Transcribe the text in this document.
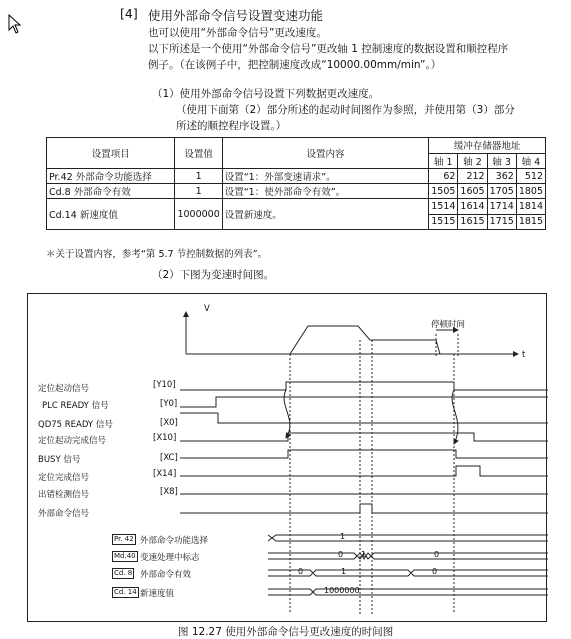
[4] 使用外部命令信号设置变速功能
也可以使用“外部命令信号”更改速度。
以下所述是一个使用“外部命令信号”更改轴 1 控制速度的数据设置和顺控程序
例子。（在该例子中，把控制速度改成“10000.00mm/min”。）
（1）使用外部命令信号设置下列数据更改速度。
（使用下面第（2）部分所述的起动时间图作为参照，并使用第（3）部分
所述的顺控程序设置。）
设置项目	设置值	设置内容	缓冲存储器地址			
			轴 1	轴 2	轴 3	轴 4
Pr.42 外部命令功能选择	1	设置“1：外部变速请求”。	62	212	362	512
Cd.8 外部命令有效	1	设置“1：使外部命令有效”。	1505	1605	1705	1805
Cd.14 新速度值	1000000	设置新速度。	1514	1614	1714	1814
			1515	1615	1715	1815
＊关于设置内容，参考“第 5.7 节控制数据的列表”。
（2）下图为变速时间图。
V
t
停顿时间
定位起动信号	[Y10]
PLC READY 信号	[Y0]
QD75 READY 信号	[X0]
定位起动完成信号	[X10]
BUSY 信号	[XC]
定位完成信号	[X14]
出错检测信号	[X8]
外部命令信号
Pr. 42 外部命令功能选择
Md.40 变速处理中标志
Cd. 8 外部命令有效
Cd. 14 新速度值
1
0 1	0
0	1	0
1000000
图 12.27 使用外部命令信号更改速度的时间图
